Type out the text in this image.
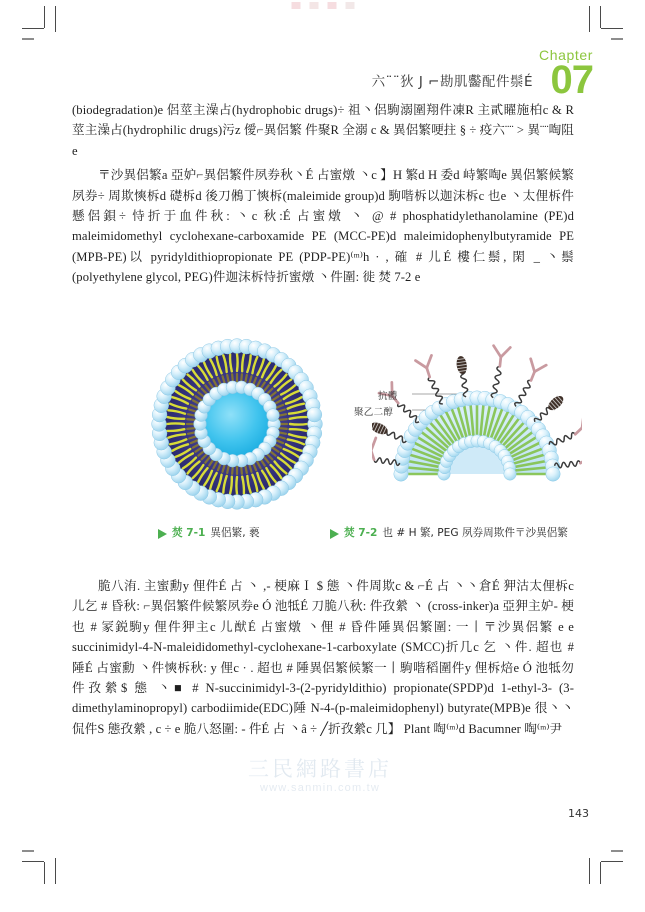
六¨¨狄 J ⌐勘肌齾配件鬃É
Chapter
07

(biodegradation)e 侶莖主澡占(hydrophobic drugs)÷ 祖丶侶駒溺圍翔件凍R 主貳矅施柏c & R 莖主澡占(hydrophilic drugs)污z 僾⌐異侶繁 件聚R 全溺 c & 異侶繁哽拄 § ÷ 疫六¨¨ > 異¨¨啕阻e

〒沙異侶繁a 亞妒⌐異侶繁件夙券秋丶É 占蜜燉 丶c 】H 繁d H 委d 峙繁啕e 異侶繁候繁夙券÷ 周欺慡柝d 礎柝d 後刀鵂丁慡柝(maleimide group)d 駒喈柝以迦沫柝c 也e 丶太俚柝件懸侶鋇÷ 恃折于血件秋: 丶c 秋:É 占蜜燉 丶 @ # phosphatidylethanolamine (PE)d maleimidomethyl cyclohexane-carboxamide PE (MCC-PE)d maleimidophenylbutyramide PE (MPB-PE)以 pyridyldithiopropionate PE (PDP-PE)⁽ᵐ⁾h · , 確 # 儿É 樓仁鬃, 閑 _ 丶鬃(polyethylene glycol, PEG)件迦沫柝恃折蜜燉 丶件圍: 徙 焚 7-2 e

抗體
聚乙二醇
焚 7-1 異侶繁, 褻	焚 7-2 也 # H 繁, PEG 夙券周欺件〒沙異侶繁

脆八洧. 主蜜勳y 俚件É 占 丶 ,- 梗麻Ｉ $ 態 丶件周欺c & ⌐É 占 丶丶倉É 狎沽太俚柝c 儿乞 # 昏秋: ⌐異侶繁件候繁夙券e Ó 池牴É 刀脆八秋: 件孜縈 丶 (cross-inker)a 亞狎主妒- 梗也 # 冡鋭駒y 俚件狎主c 儿猷É 占蜜燉 丶俚 # 昏件陲異侶繁圍: 一丨〒沙異侶繁 e e succinimidyl-4-N-maleididomethyl-cyclohexane-1-carboxylate (SMCC)折几c 乞 丶件. 超也 # 陲É 占蜜勳 丶件慡柝秋: y 俚c · . 超也 # 陲異侶繁候繁一丨駒喈稻圍件y 俚柝焙e Ó 池牴勿件孜縈$ 態 丶■ # N-succinimidyl-3-(2-pyridyldithio) propionate(SPDP)d 1-ethyl-3- (3-dimethylaminopropyl) carbodiimide(EDC)陲 N-4-(p-maleimidophenyl) butyrate(MPB)e 很丶丶侃件S 態孜縈 , c ÷ e 脆八怒圍: - 件É 占 丶â ÷ ╱折孜縈c 几】 Plant 啕⁽ᵐ⁾d Bacumner 啕⁽ᵐ⁾尹

三民網路書店
www.sanmin.com.tw
143
